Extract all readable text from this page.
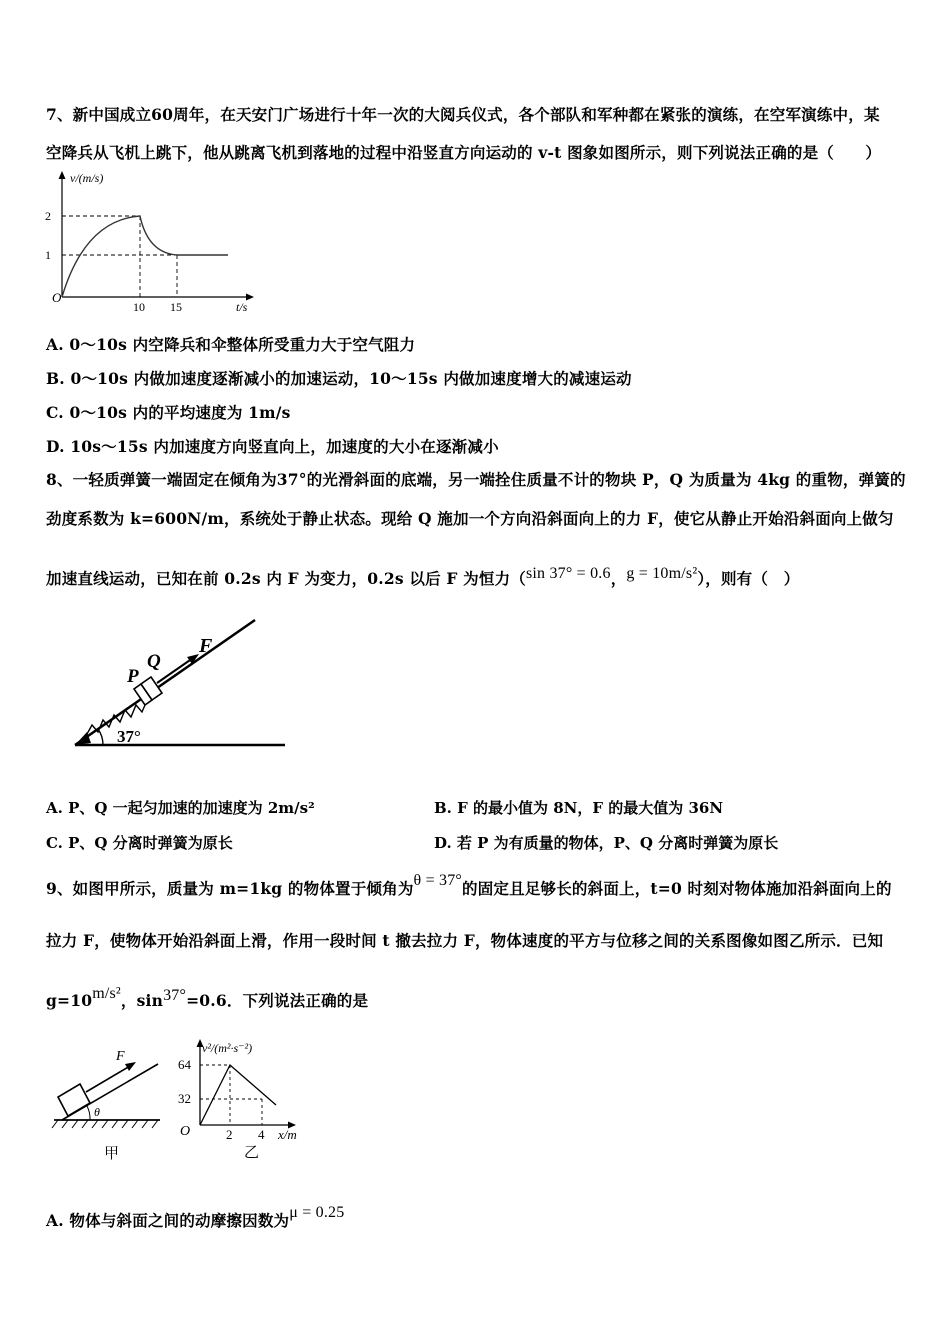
7、新中国成立60周年，在天安门广场进行十年一次的大阅兵仪式，各个部队和军种都在紧张的演练，在空军演练中，某
空降兵从飞机上跳下，他从跳离飞机到落地的过程中沿竖直方向运动的 v-t 图象如图所示，则下列说法正确的是（　　）
v/(m/s)
2
1
O
10 15	t/s
A. 0～10s 内空降兵和伞整体所受重力大于空气阻力
B. 0～10s 内做加速度逐渐减小的加速运动，10～15s 内做加速度增大的减速运动
C. 0～10s 内的平均速度为 1m/s
D. 10s～15s 内加速度方向竖直向上，加速度的大小在逐渐减小
8、一轻质弹簧一端固定在倾角为37°的光滑斜面的底端，另一端拴住质量不计的物块 P，Q 为质量为 4kg 的重物，弹簧的
劲度系数为 k=600N/m，系统处于静止状态。现给 Q 施加一个方向沿斜面向上的力 F，使它从静止开始沿斜面向上做匀
加速直线运动，已知在前 0.2s 内 F 为变力，0.2s 以后 F 为恒力（sin 37° = 0.6，g = 10m/s²），则有（　）
P
Q
F
37°
A. P、Q 一起匀加速的加速度为 2m/s²	B. F 的最小值为 8N，F 的最大值为 36N
C. P、Q 分离时弹簧为原长	D. 若 P 为有质量的物体，P、Q 分离时弹簧为原长
9、如图甲所示，质量为 m=1kg 的物体置于倾角为θ = 37°的固定且足够长的斜面上，t=0 时刻对物体施加沿斜面向上的
拉力 F，使物体开始沿斜面上滑，作用一段时间 t 撤去拉力 F，物体速度的平方与位移之间的关系图像如图乙所示．已知
g=10m/s²，sin37°=0.6．下列说法正确的是
F
θ
甲
v²/(m²·s⁻²)
64
32
O	2 4 x/m
乙
A. 物体与斜面之间的动摩擦因数为μ = 0.25
